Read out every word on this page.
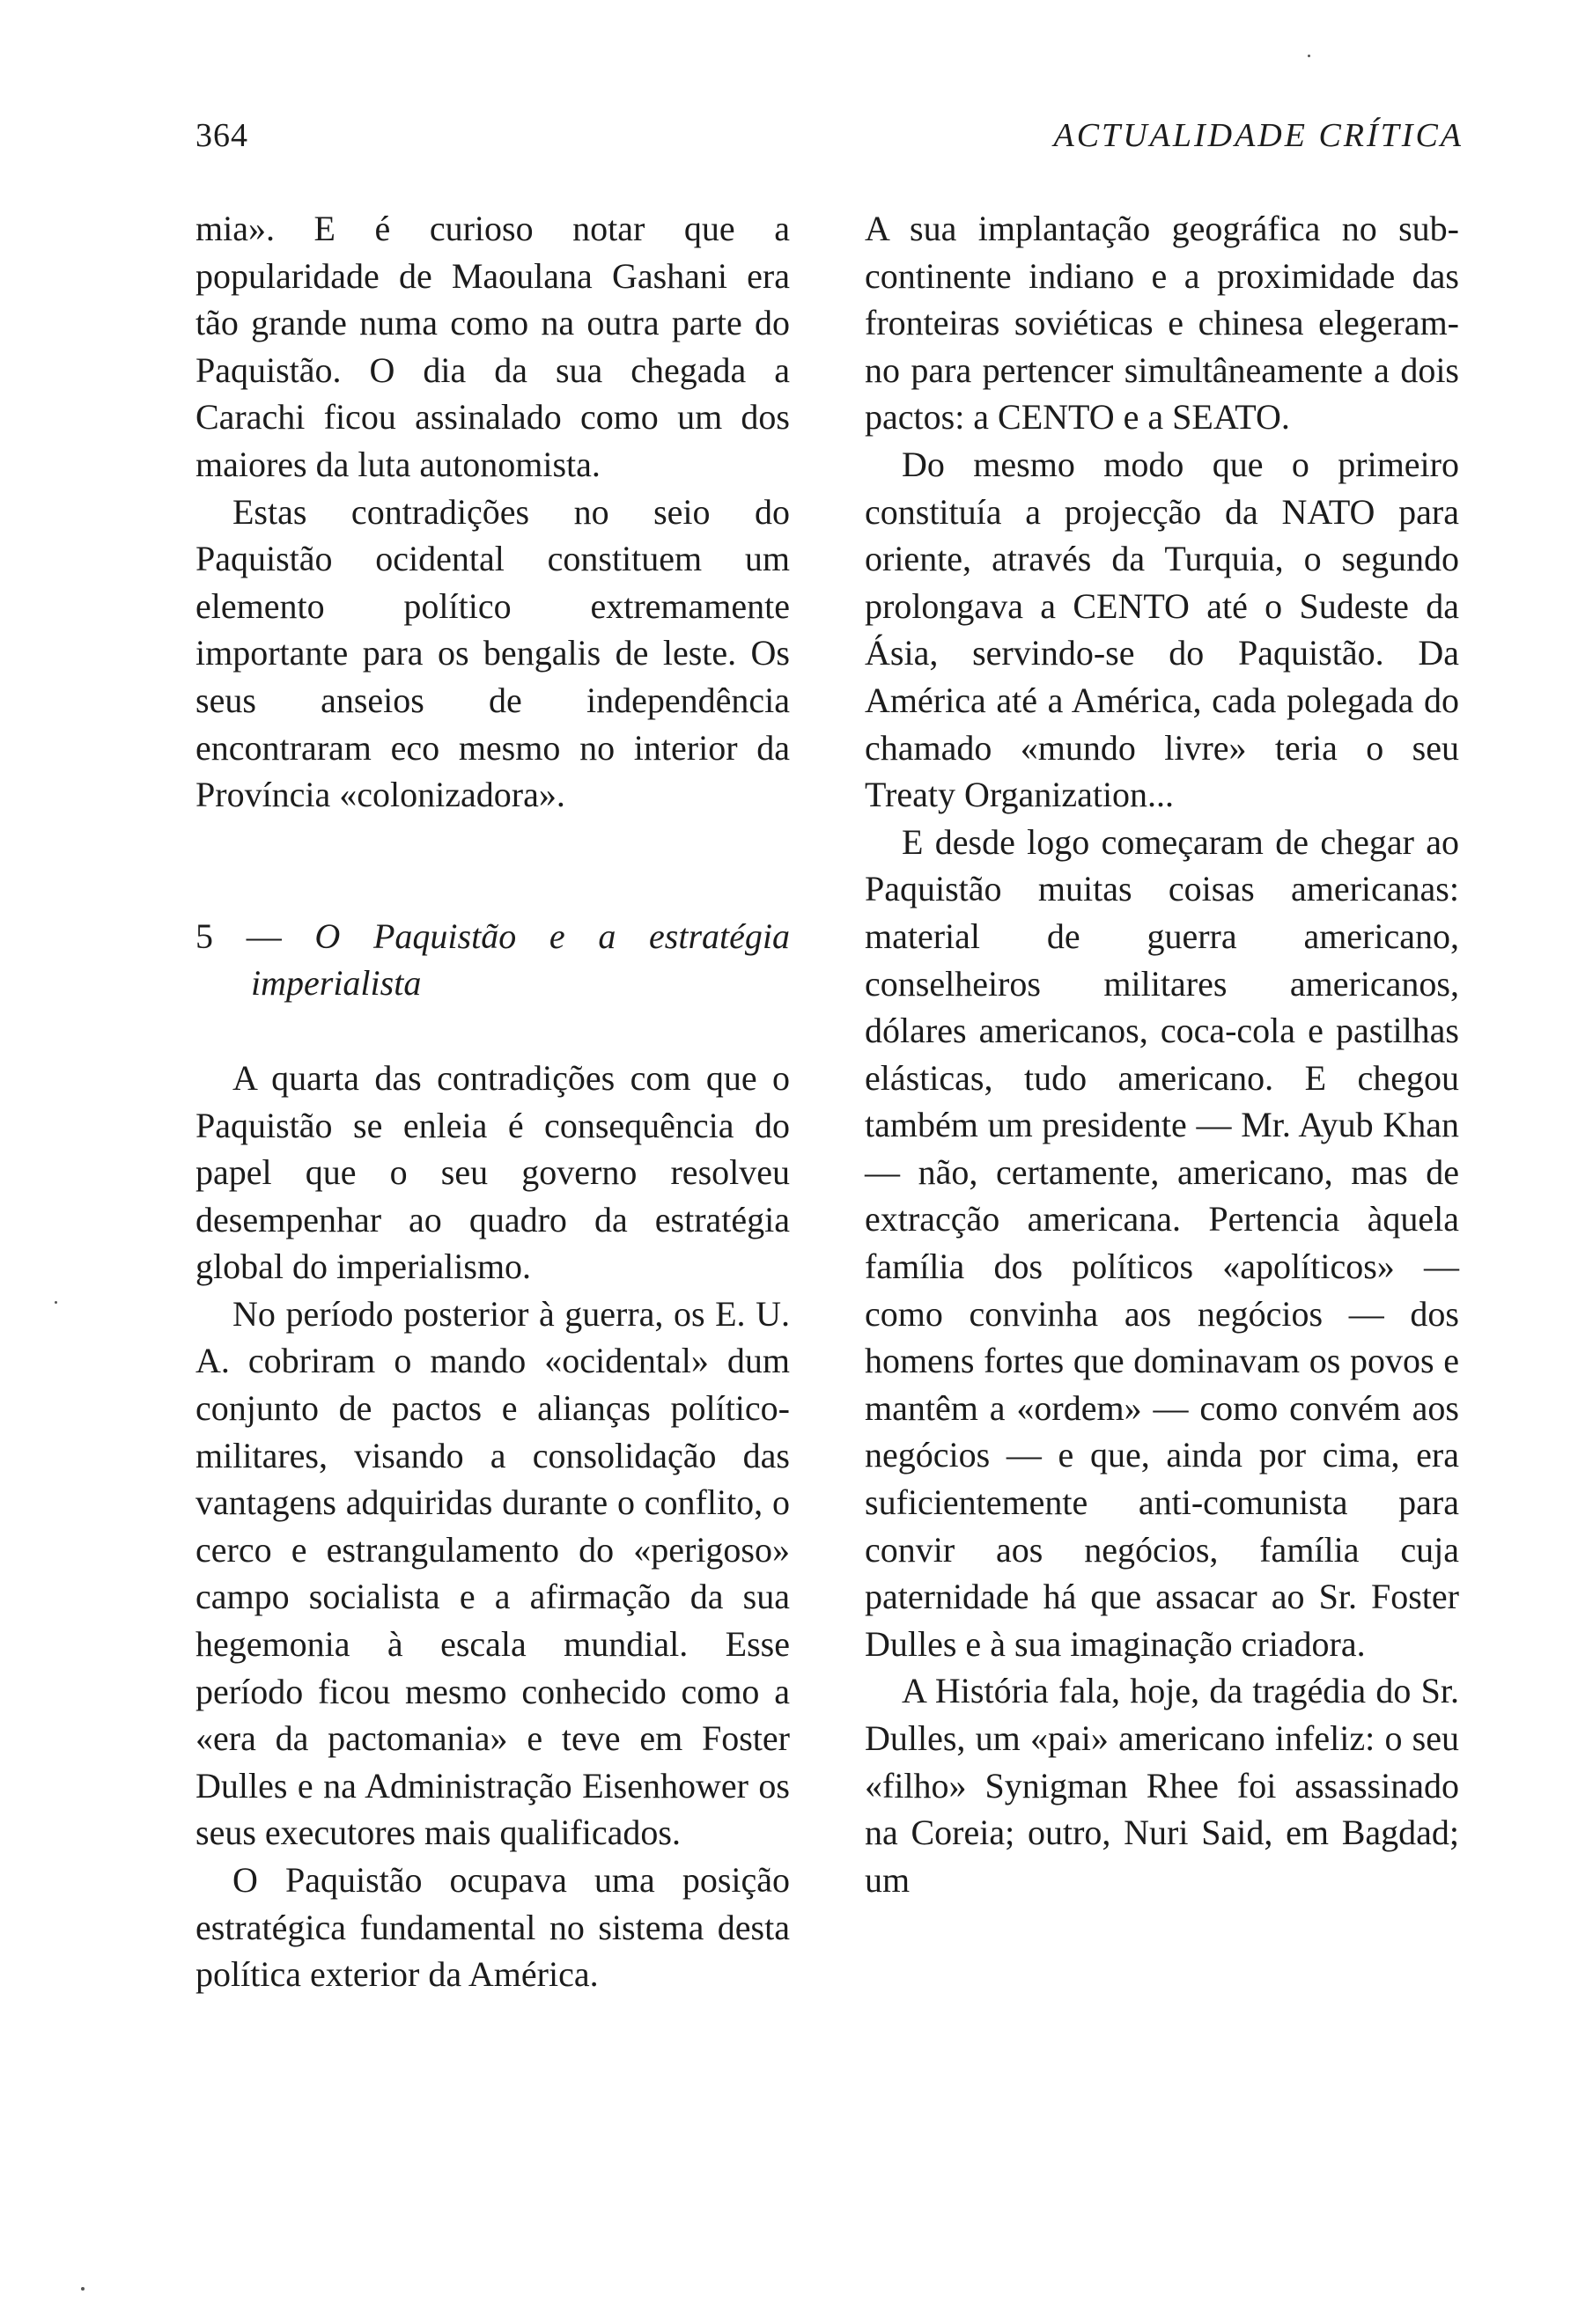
364	ACTUALIDADE CRÍTICA

mia». E é curioso notar que a popularidade de Maoulana Gashani era tão grande numa como na outra parte do Paquistão. O dia da sua chegada a Carachi ficou assinalado como um dos maiores da luta autonomista.

Estas contradições no seio do Paquistão ocidental constituem um elemento político extremamente importante para os bengalis de leste. Os seus anseios de independência encontraram eco mesmo no interior da Província «colonizadora».

5 — O Paquistão e a estratégia imperialista

A quarta das contradições com que o Paquistão se enleia é consequência do papel que o seu governo resolveu desempenhar ao quadro da estratégia global do imperialismo.

No período posterior à guerra, os E. U. A. cobriram o mando «ocidental» dum conjunto de pactos e alianças político-militares, visando a consolidação das vantagens adquiridas durante o conflito, o cerco e estrangulamento do «perigoso» campo socialista e a afirmação da sua hegemonia à escala mundial. Esse período ficou mesmo conhecido como a «era da pactomania» e teve em Foster Dulles e na Administração Eisenhower os seus executores mais qualificados.

O Paquistão ocupava uma posição estratégica fundamental no sistema desta política exterior da América.

A sua implantação geográfica no sub-continente indiano e a proximidade das fronteiras soviéticas e chinesa elegeram-no para pertencer simultâneamente a dois pactos: a CENTO e a SEATO.

Do mesmo modo que o primeiro constituía a projecção da NATO para oriente, através da Turquia, o segundo prolongava a CENTO até o Sudeste da Ásia, servindo-se do Paquistão. Da América até a América, cada polegada do chamado «mundo livre» teria o seu Treaty Organization...

E desde logo começaram de chegar ao Paquistão muitas coisas americanas: material de guerra americano, conselheiros militares americanos, dólares americanos, coca-cola e pastilhas elásticas, tudo americano. E chegou também um presidente — Mr. Ayub Khan — não, certamente, americano, mas de extracção americana. Pertencia àquela família dos políticos «apolíticos» — como convinha aos negócios — dos homens fortes que dominavam os povos e mantêm a «ordem» — como convém aos negócios — e que, ainda por cima, era suficientemente anti-comunista para convir aos negócios, família cuja paternidade há que assacar ao Sr. Foster Dulles e à sua imaginação criadora.

A História fala, hoje, da tragédia do Sr. Dulles, um «pai» americano infeliz: o seu «filho» Synigman Rhee foi assassinado na Coreia; outro, Nuri Said, em Bagdad; um
